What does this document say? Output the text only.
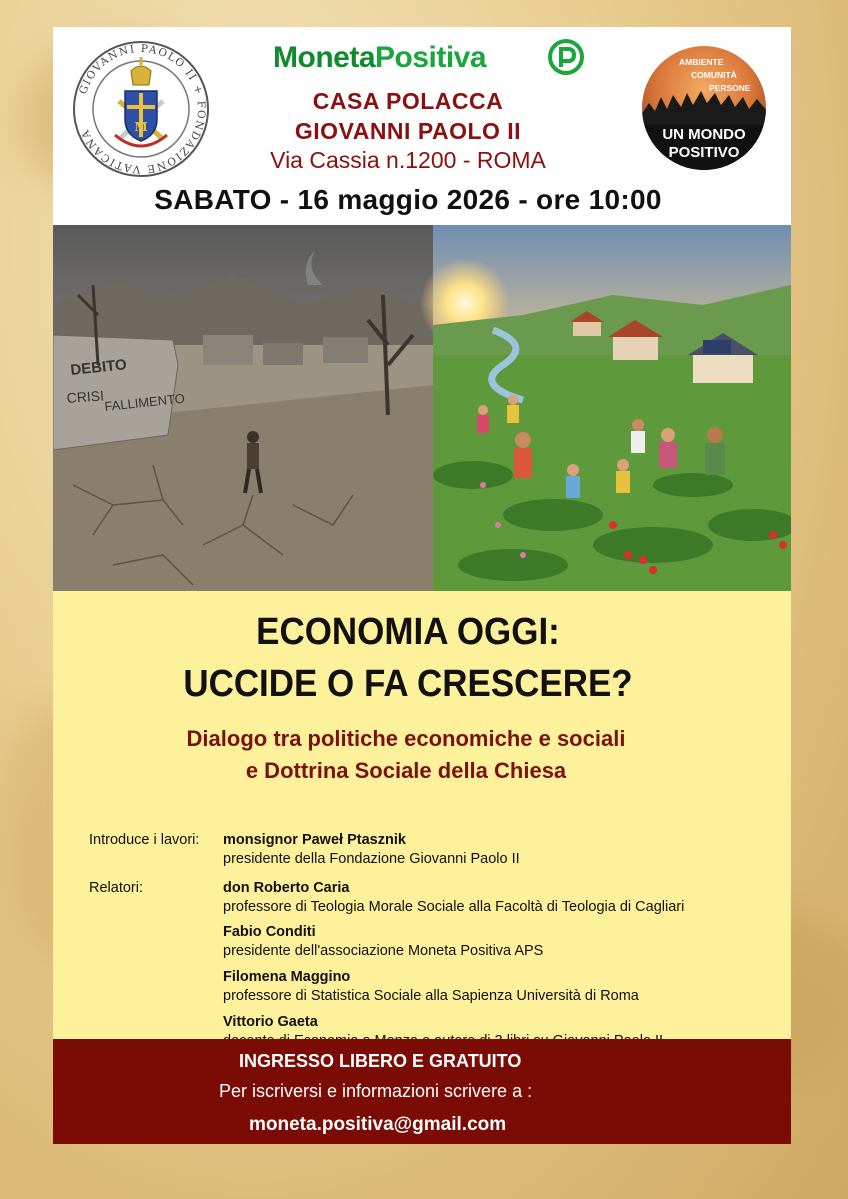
GIOVANNI PAOLO II + FONDAZIONE VATICANA	M
MonetaPositiva
CASA POLACCA
GIOVANNI PAOLO II
Via Cassia n.1200 - ROMA
SABATO - 16 maggio 2026 - ore 10:00
AMBIENTE
COMUNITÀ
PERSONE
UN MONDO
POSITIVO
DEBITO
CRISI FALLIMENTO
ECONOMIA OGGI:
UCCIDE O FA CRESCERE?
Dialogo tra politiche economiche e sociali
e Dottrina Sociale della Chiesa
Introduce i lavori: monsignor Paweł Ptasznik
presidente della Fondazione Giovanni Paolo II
Relatori:	don Roberto Caria
professore di Teologia Morale Sociale alla Facoltà di Teologia di Cagliari
Fabio Conditi
presidente dell'associazione Moneta Positiva APS
Filomena Maggino
professore di Statistica Sociale alla Sapienza Università di Roma
Vittorio Gaeta
INGRESSO LIBERO E GRATUITO
Per iscriversi e informazioni scrivere a :
moneta.positiva@gmail.com
